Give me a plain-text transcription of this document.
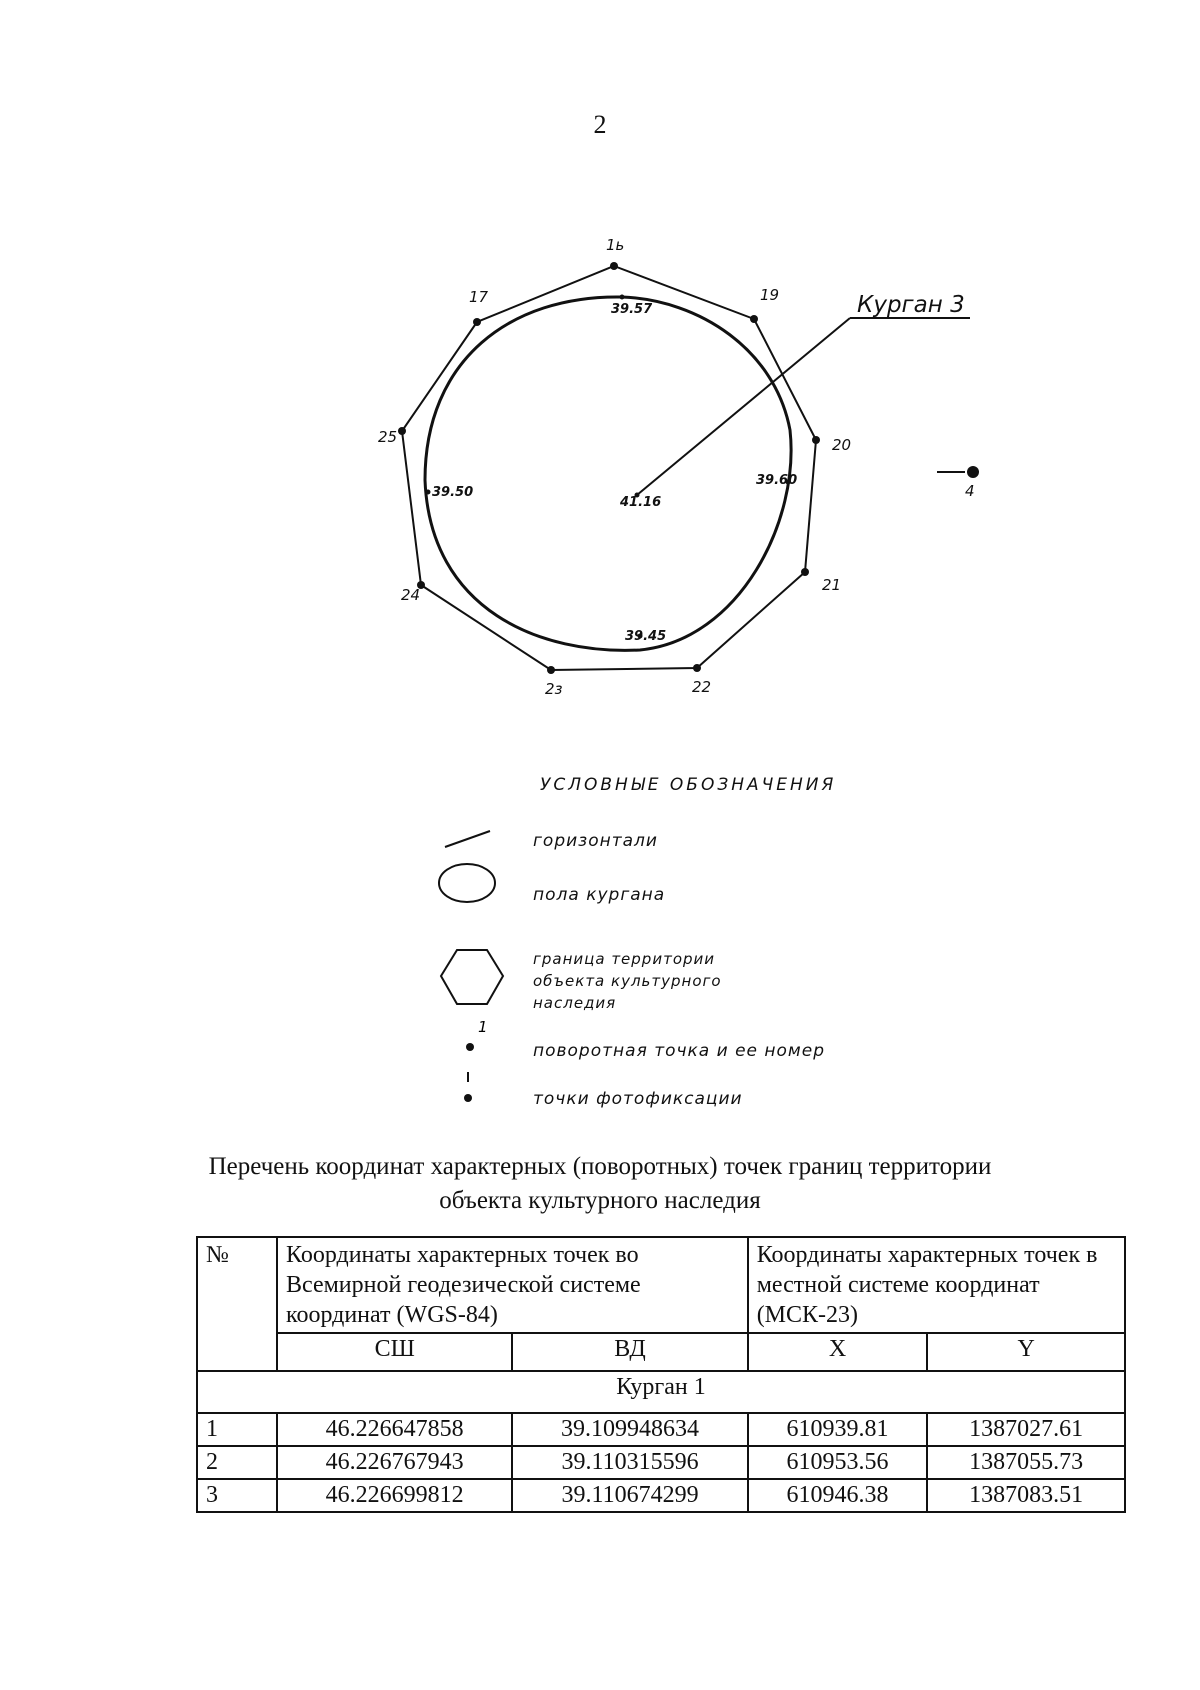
2
Курган 3
1ь
19
20
21
22
2з
24
25
17
39.57
39.50
39.60
39.45
41.16
4
УСЛОВНЫЕ ОБОЗНАЧЕНИЯ
1
горизонтали
пола кургана
граница территории
объекта культурного
наследия
поворотная точка и ее номер
точки фотофиксации
Перечень координат характерных (поворотных) точек границ территории
объекта культурного наследия
№	Координаты характерных точек во Всемирной геодезической системе координат (WGS-84)		Координаты характерных точек в местной системе координат (МСК-23)	
	СШ	ВД	X	Y
Курган 1				
1	46.226647858	39.109948634	610939.81	1387027.61
2	46.226767943	39.110315596	610953.56	1387055.73
3	46.226699812	39.110674299	610946.38	1387083.51
